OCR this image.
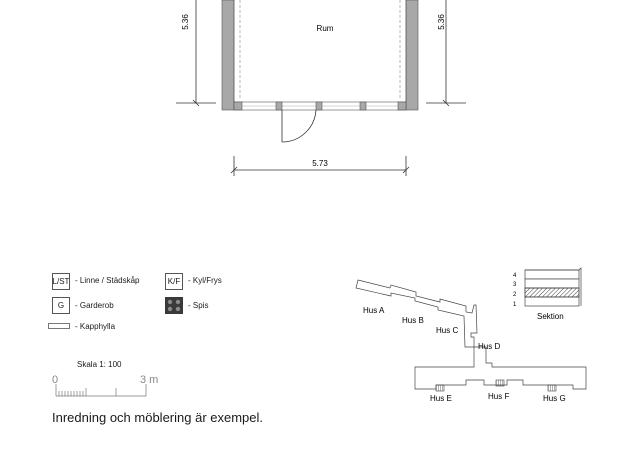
5.36	5.36
Rum
5.73
L/ST - Linne / Städskåp	K/F - Kyl/Frys
G	- Garderob	- Spis
- Kapphylla
Skala 1: 100
0	3 m
Inredning och möblering är exempel.
4
3
2
1
Sektion
Hus A
Hus B
Hus C
Hus D
Hus E	Hus F	Hus G
